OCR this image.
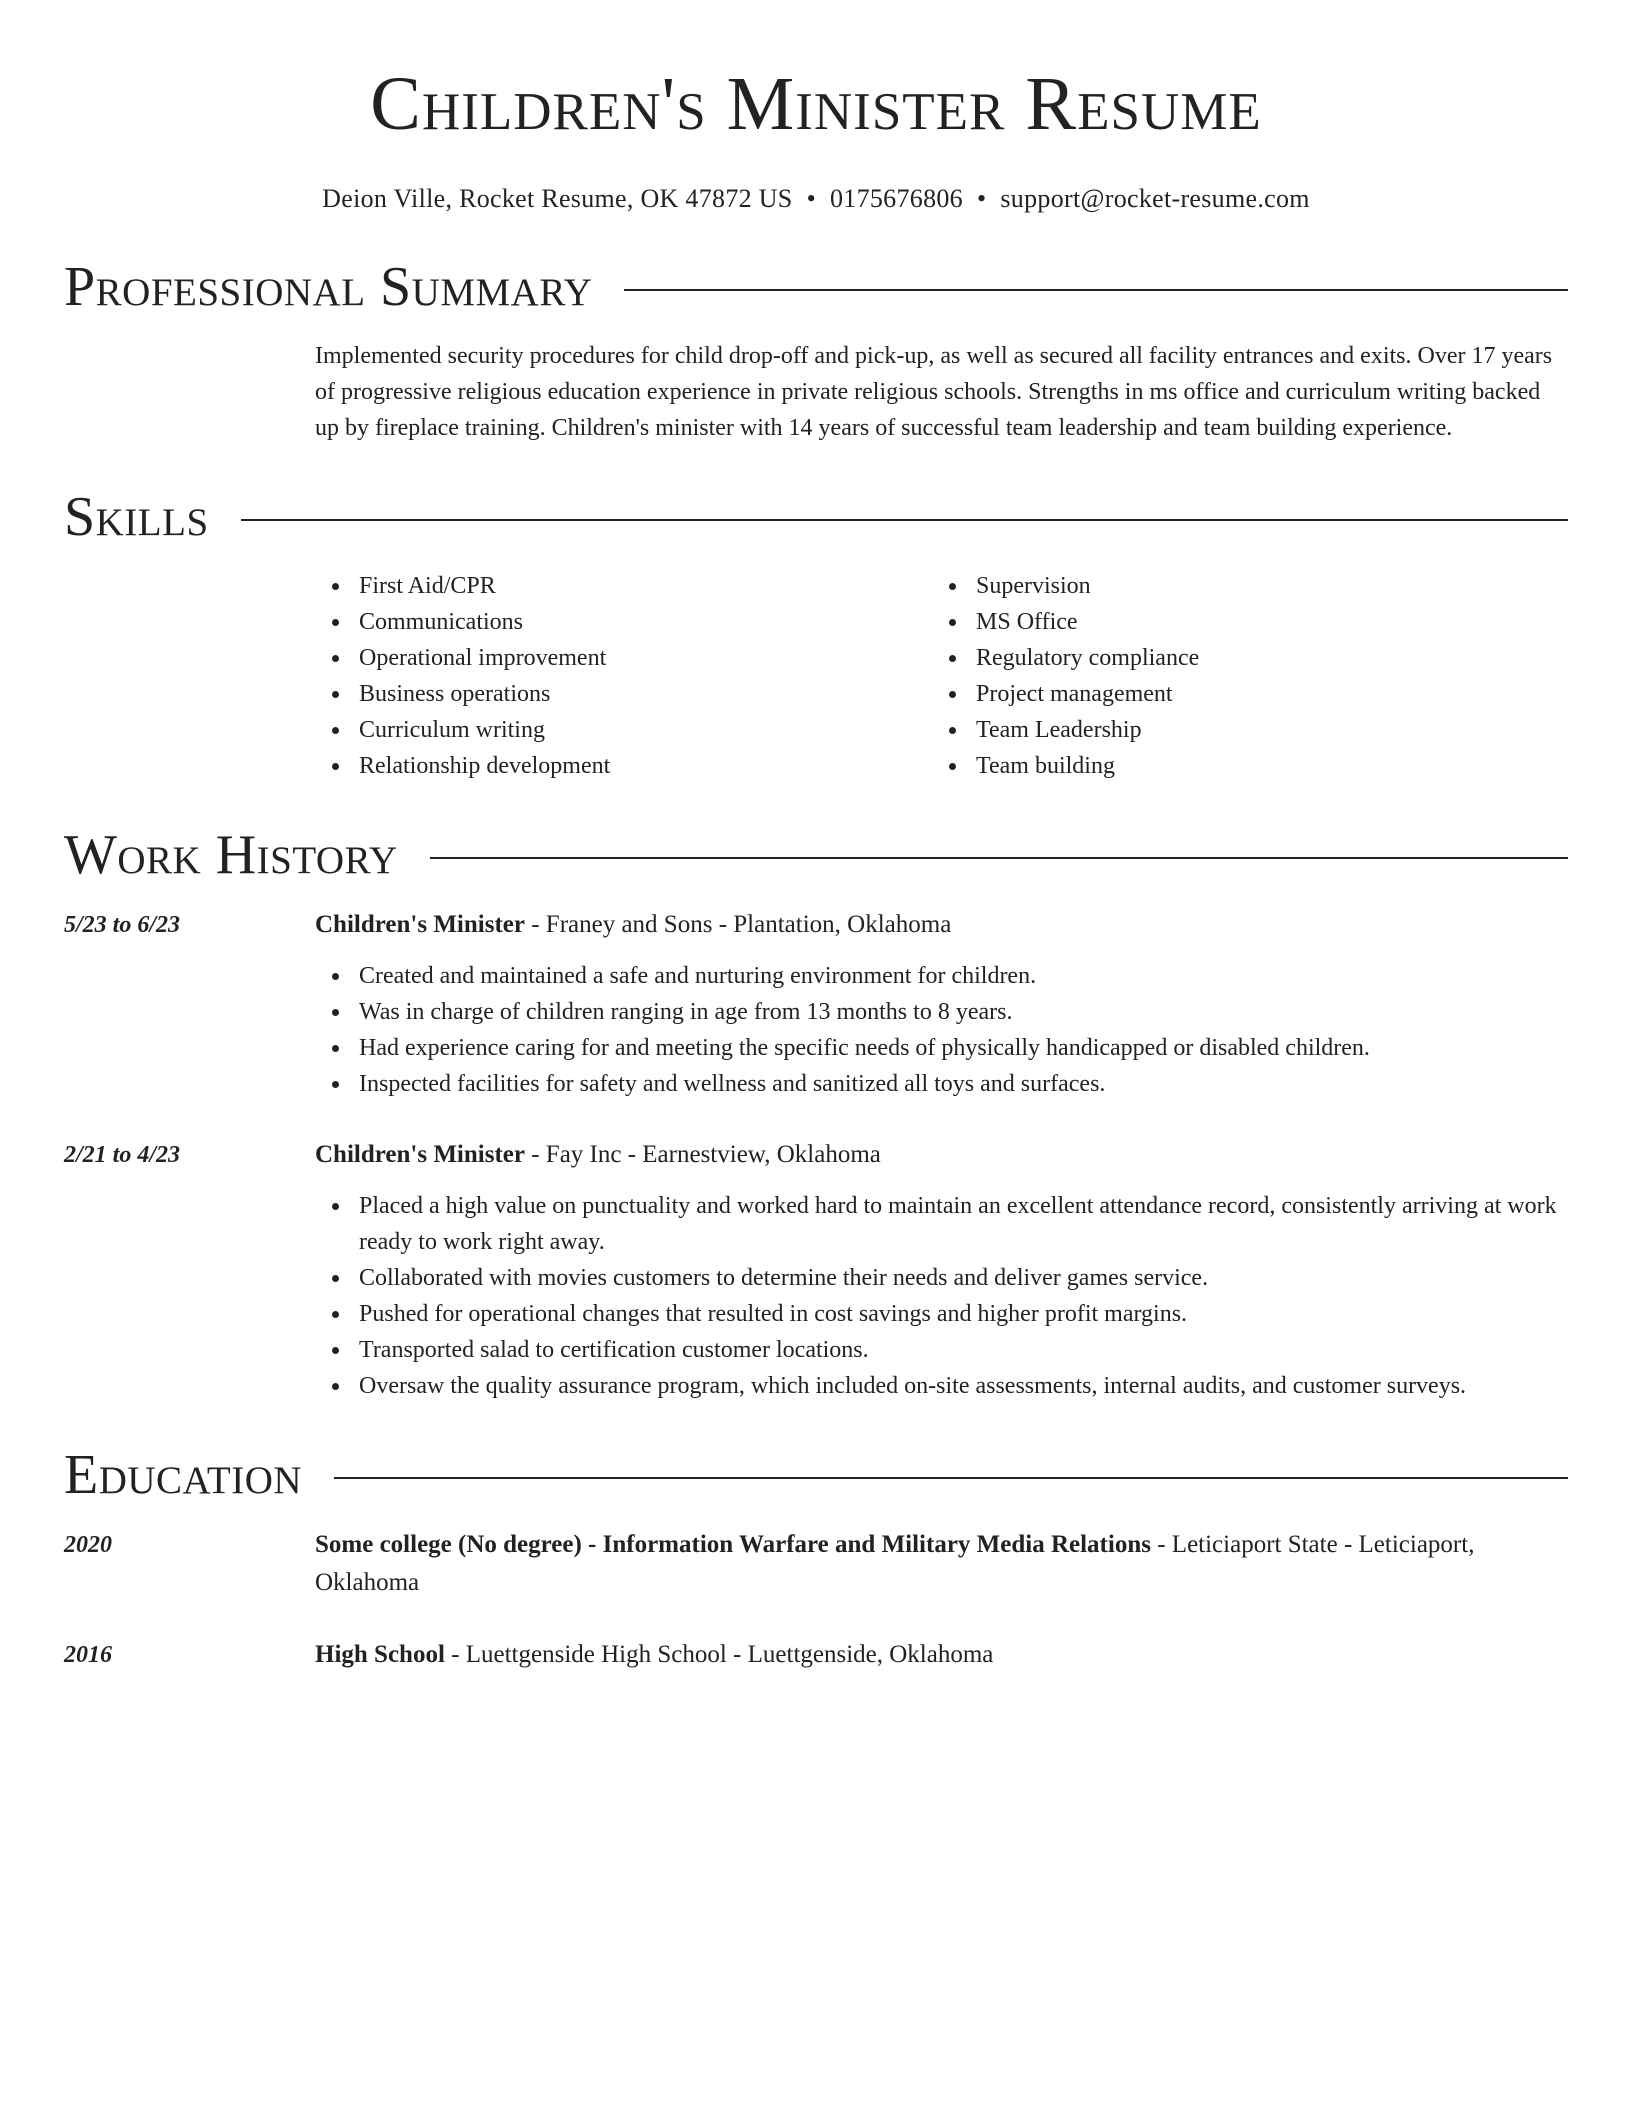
Children's Minister Resume
Deion Ville, Rocket Resume, OK 47872 US • 0175676806 • support@rocket-resume.com
Professional Summary
Implemented security procedures for child drop-off and pick-up, as well as secured all facility entrances and exits. Over 17 years of progressive religious education experience in private religious schools. Strengths in ms office and curriculum writing backed up by fireplace training. Children's minister with 14 years of successful team leadership and team building experience.
Skills
First Aid/CPR
Communications
Operational improvement
Business operations
Curriculum writing
Relationship development
Supervision
MS Office
Regulatory compliance
Project management
Team Leadership
Team building
Work History
5/23 to 6/23	Children's Minister - Franey and Sons - Plantation, Oklahoma
Created and maintained a safe and nurturing environment for children.
Was in charge of children ranging in age from 13 months to 8 years.
Had experience caring for and meeting the specific needs of physically handicapped or disabled children.
Inspected facilities for safety and wellness and sanitized all toys and surfaces.
2/21 to 4/23	Children's Minister - Fay Inc - Earnestview, Oklahoma
Placed a high value on punctuality and worked hard to maintain an excellent attendance record, consistently arriving at work ready to work right away.
Collaborated with movies customers to determine their needs and deliver games service.
Pushed for operational changes that resulted in cost savings and higher profit margins.
Transported salad to certification customer locations.
Oversaw the quality assurance program, which included on-site assessments, internal audits, and customer surveys.
Education
2020	Some college (No degree) - Information Warfare and Military Media Relations - Leticiaport State - Leticiaport, Oklahoma
2016	High School - Luettgenside High School - Luettgenside, Oklahoma
